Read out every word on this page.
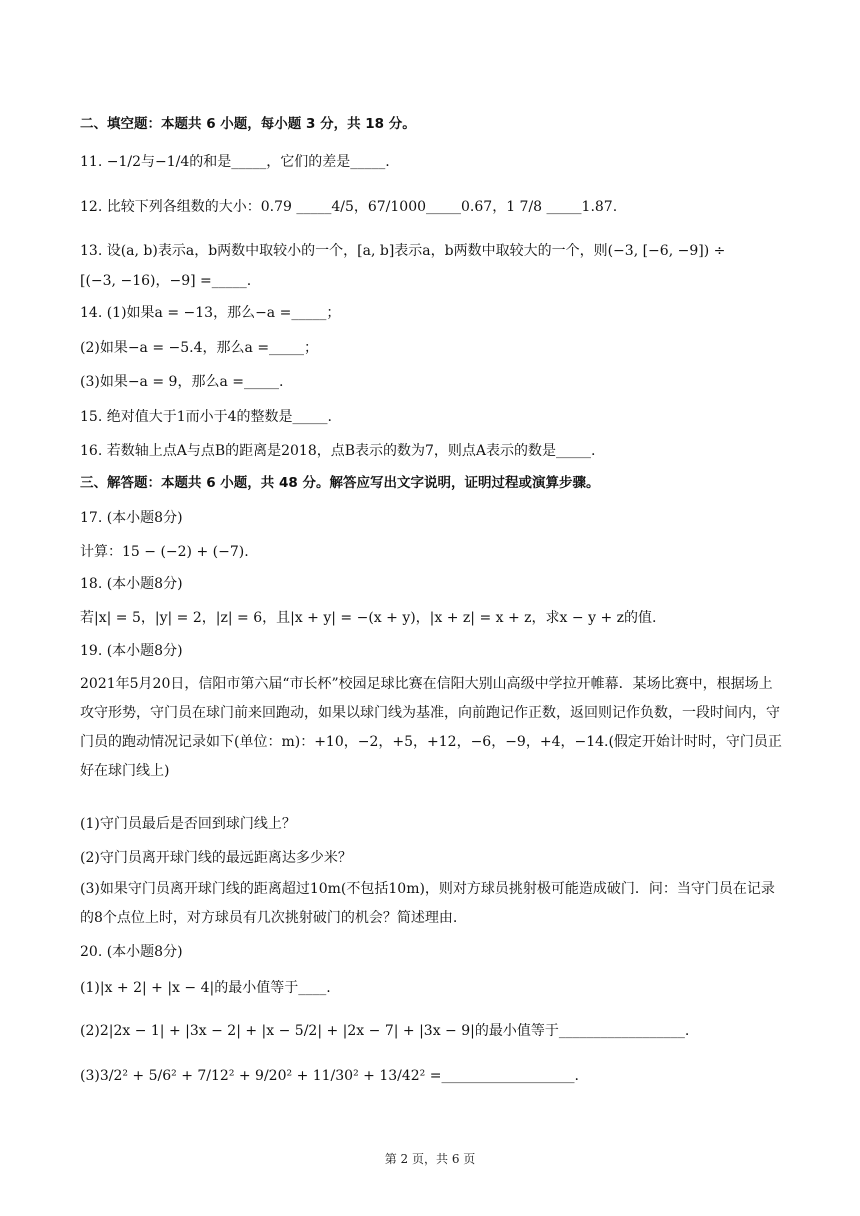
二、填空题：本题共 6 小题，每小题 3 分，共 18 分。
11. −1/2与−1/4的和是_____，它们的差是_____.
12. 比较下列各组数的大小：0.79 _____4/5，67/1000_____0.67，1 7/8 _____1.87.
13. 设(a, b)表示a，b两数中取较小的一个，[a, b]表示a，b两数中取较大的一个，则(−3, [−6, −9]) ÷
[(−3, −16)，−9] =_____.
14. (1)如果a = −13，那么−a =_____；
(2)如果−a = −5.4，那么a =_____；
(3)如果−a = 9，那么a =_____.
15. 绝对值大于1而小于4的整数是_____.
16. 若数轴上点A与点B的距离是2018，点B表示的数为7，则点A表示的数是_____.
三、解答题：本题共 6 小题，共 48 分。解答应写出文字说明，证明过程或演算步骤。
17. (本小题8分)
计算：15 − (−2) + (−7).
18. (本小题8分)
若|x| = 5，|y| = 2，|z| = 6，且|x + y| = −(x + y)，|x + z| = x + z，求x − y + z的值.
19. (本小题8分)
2021年5月20日，信阳市第六届“市长杯”校园足球比赛在信阳大别山高级中学拉开帷幕．某场比赛中，根据场上攻守形势，守门员在球门前来回跑动，如果以球门线为基准，向前跑记作正数，返回则记作负数，一段时间内，守门员的跑动情况记录如下(单位：m)：+10，−2，+5，+12，−6，−9，+4，−14.(假定开始计时时，守门员正好在球门线上)
(1)守门员最后是否回到球门线上？
(2)守门员离开球门线的最远距离达多少米？
(3)如果守门员离开球门线的距离超过10m(不包括10m)，则对方球员挑射极可能造成破门．问：当守门员在记录的8个点位上时，对方球员有几次挑射破门的机会？简述理由.
20. (本小题8分)
(1)|x + 2| + |x − 4|的最小值等于____.
(2)2|2x − 1| + |3x − 2| + |x − 5/2| + |2x − 7| + |3x − 9|的最小值等于__________________.
(3)3/2² + 5/6² + 7/12² + 9/20² + 11/30² + 13/42² =___________________.
第 2 页，共 6 页
